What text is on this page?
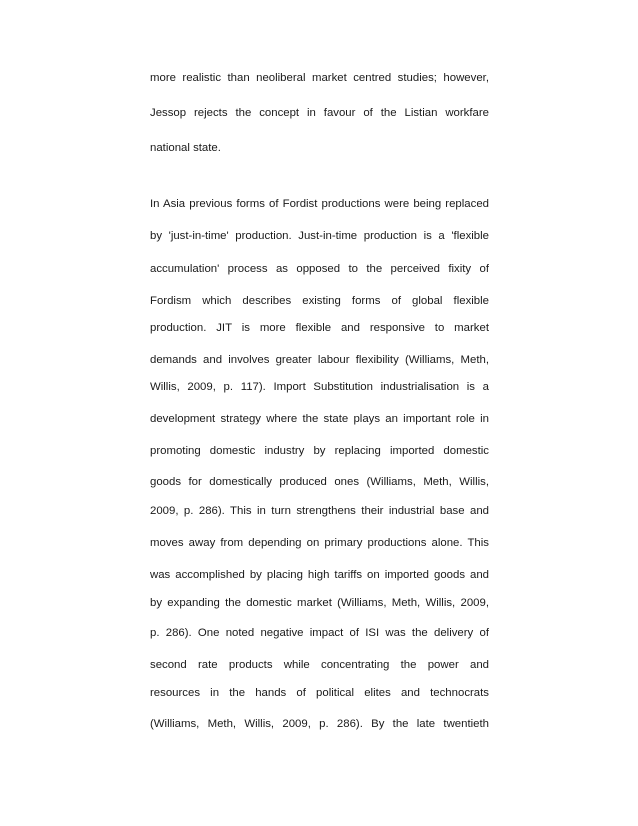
more realistic than neoliberal market centred studies; however,
Jessop rejects the concept in favour of the Listian workfare
national state.
In Asia previous forms of Fordist productions were being replaced
by 'just-in-time' production. Just-in-time production is a 'flexible
accumulation' process as opposed to the perceived fixity of
Fordism which describes existing forms of global flexible
production. JIT is more flexible and responsive to market
demands and involves greater labour flexibility (Williams, Meth,
Willis, 2009, p. 117). Import Substitution industrialisation is a
development strategy where the state plays an important role in
promoting domestic industry by replacing imported domestic
goods for domestically produced ones (Williams, Meth, Willis,
2009, p. 286). This in turn strengthens their industrial base and
moves away from depending on primary productions alone. This
was accomplished by placing high tariffs on imported goods and
by expanding the domestic market (Williams, Meth, Willis, 2009,
p. 286). One noted negative impact of ISI was the delivery of
second rate products while concentrating the power and
resources in the hands of political elites and technocrats
(Williams, Meth, Willis, 2009, p. 286). By the late twentieth
